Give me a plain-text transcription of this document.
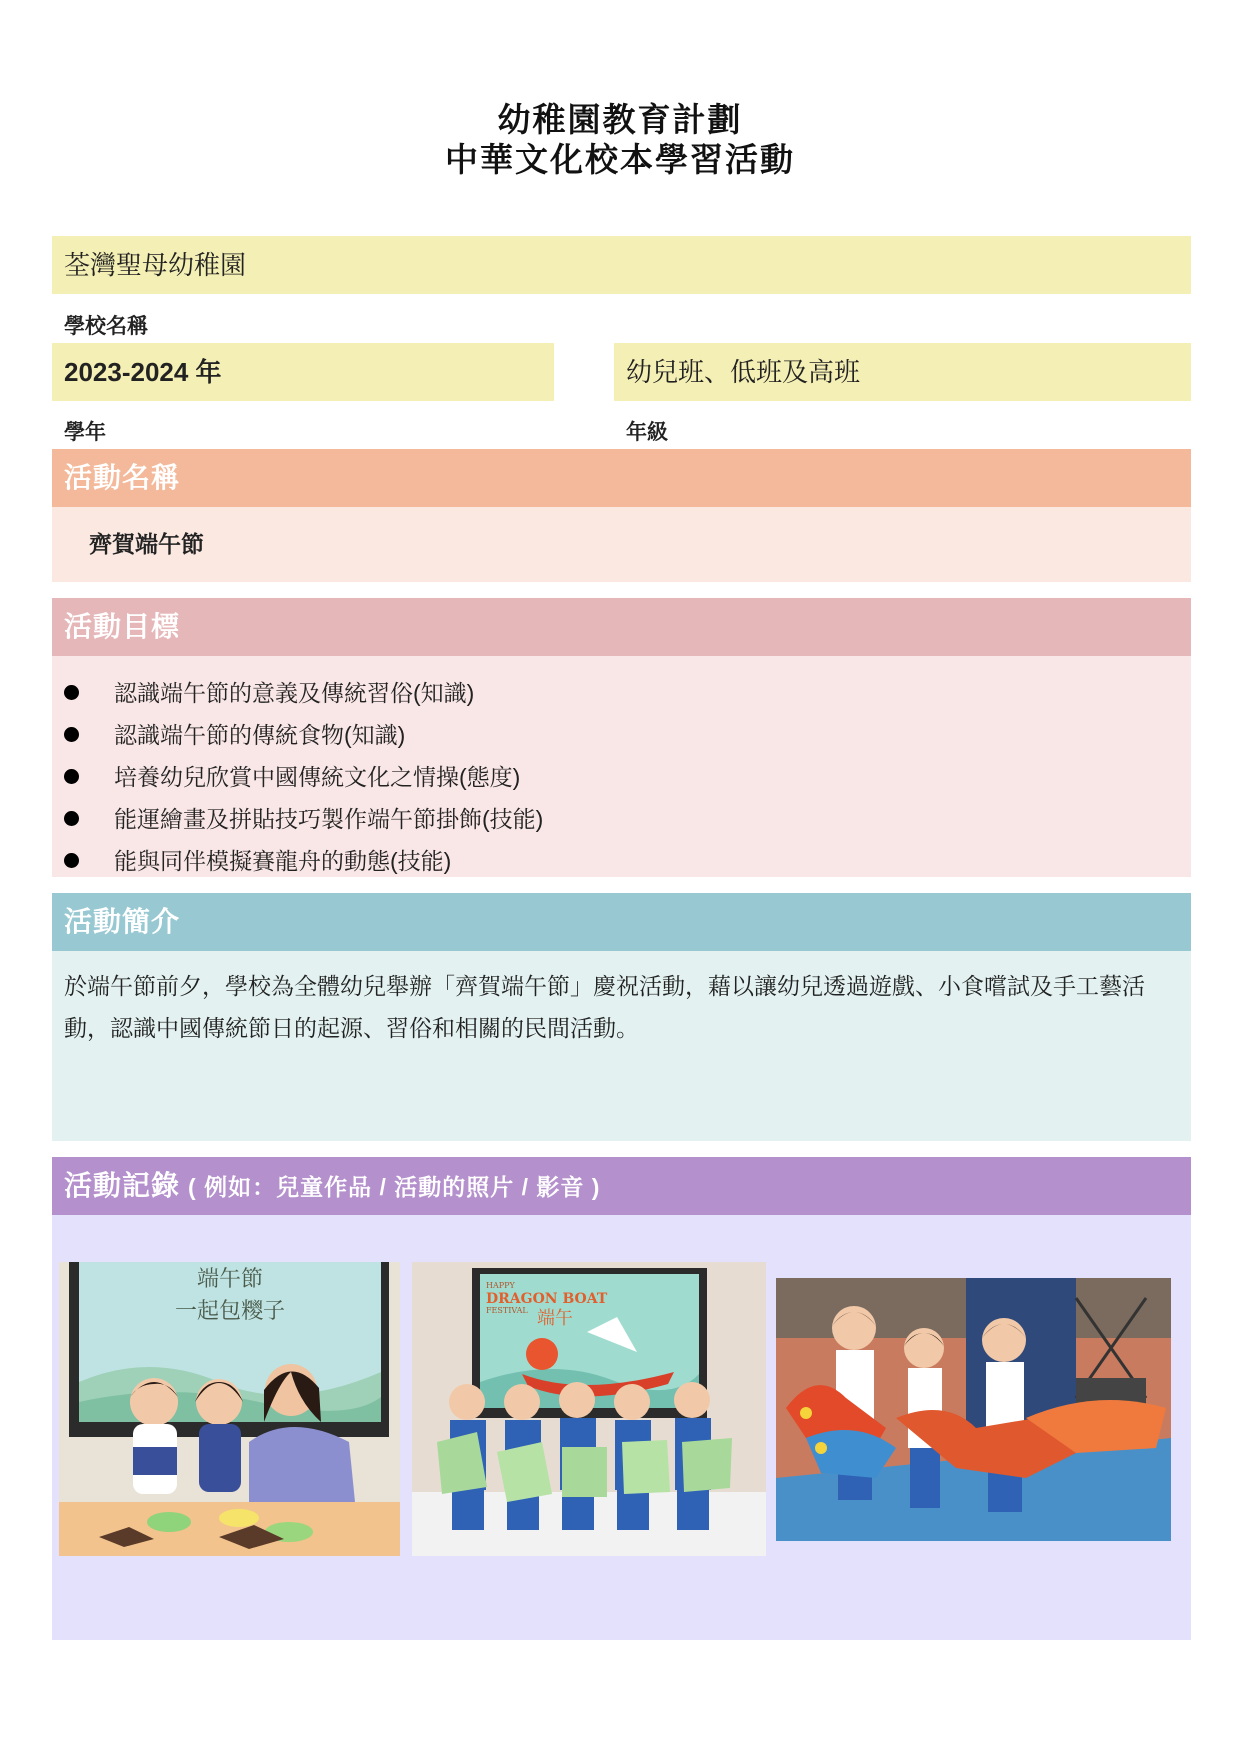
幼稚園教育計劃
中華文化校本學習活動
荃灣聖母幼稚園
學校名稱
2023-2024 年
學年
幼兒班、低班及高班
年級
活動名稱
齊賀端午節
活動目標
認識端午節的意義及傳統習俗(知識)
認識端午節的傳統食物(知識)
培養幼兒欣賞中國傳統文化之情操(態度)
能運繪畫及拼貼技巧製作端午節掛飾(技能)
能與同伴模擬賽龍舟的動態(技能)
活動簡介
於端午節前夕，學校為全體幼兒舉辦「齊賀端午節」慶祝活動，藉以讓幼兒透過遊戲、小食嚐試及手工藝活動，認識中國傳統節日的起源、習俗和相關的民間活動。
活動記錄 ( 例如：兒童作品 / 活動的照片 / 影音 )
端午節
一起包糭子
HAPPY
DRAGON BOAT
FESTIVAL 端午
